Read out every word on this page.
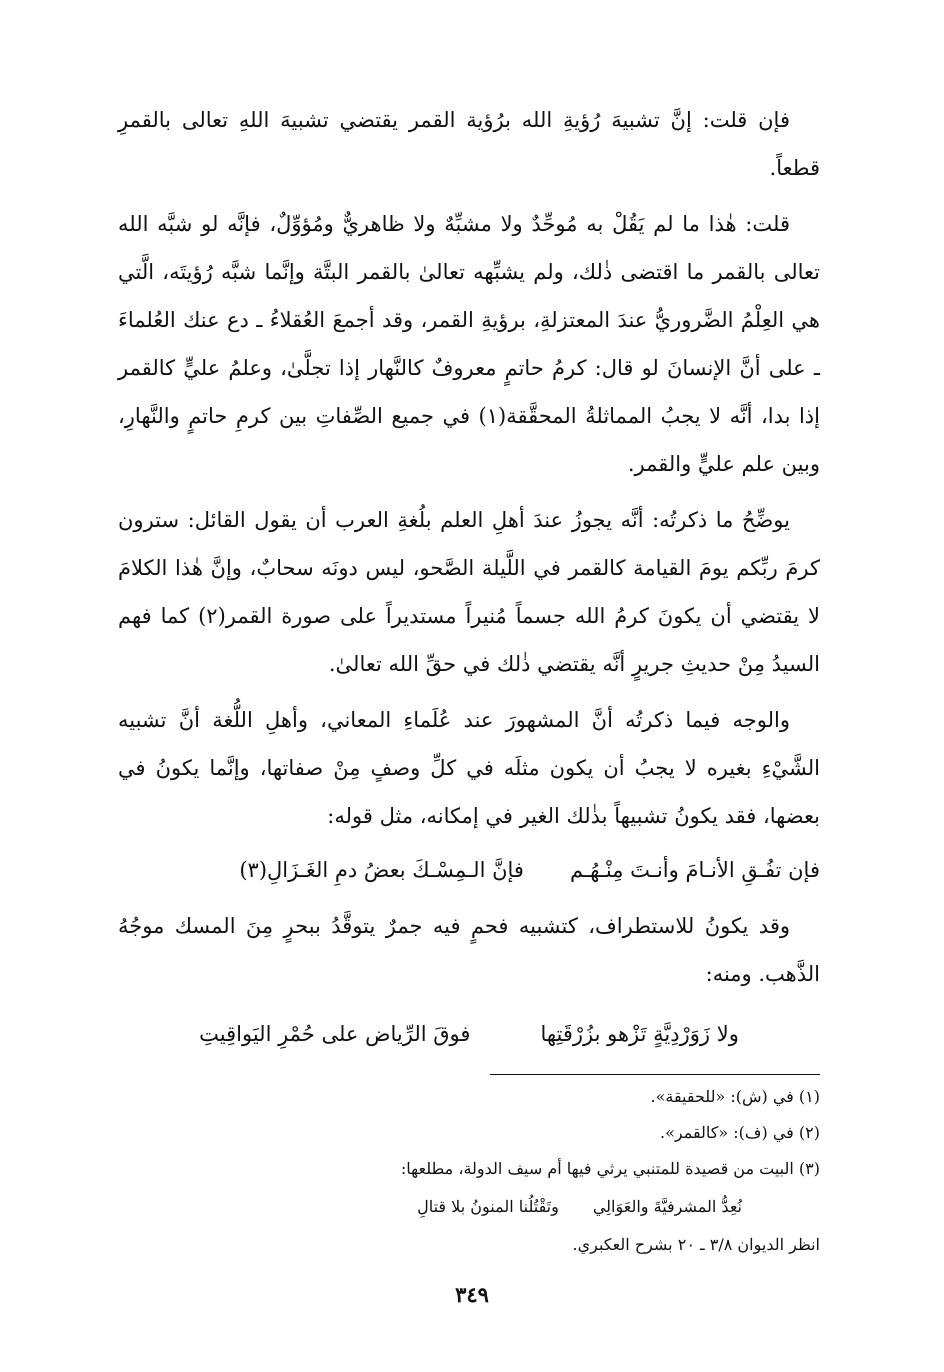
فإن قلت: إنَّ تشبيهَ رُؤيةِ الله برُؤية القمر يقتضي تشبيهَ اللهِ تعالى بالقمرِ قطعاً.

قلت: هٰذا ما لم يَقُلْ به مُوحِّدٌ ولا مشبِّهٌ ولا ظاهريٌّ ومُؤوِّلٌ، فإنَّه لو شبَّه الله تعالى بالقمر ما اقتضى ذٰلك، ولم يشبِّهه تعالىٰ بالقمر البتَّة وإنَّما شبَّه رُؤيتَه، الَّتي هي العِلْمُ الضَّروريُّ عندَ المعتزلةِ، برؤيةِ القمر، وقد أجمعَ العُقلاءُ ـ دع عنك العُلماءَ ـ على أنَّ الإنسانَ لو قال: كرمُ حاتمٍ معروفٌ كالنَّهار إذا تجلَّىٰ، وعلمُ عليٍّ كالقمر إذا بدا، أنَّه لا يجبُ المماثلةُ المحقَّقة(١) في جميع الصِّفاتِ بين كرمِ حاتمٍ والنَّهارِ، وبين علم عليٍّ والقمر.

يوضِّحُ ما ذكرتُه: أنَّه يجوزُ عندَ أهلِ العلم بلُغةِ العرب أن يقول القائل: سترون كرمَ ربِّكم يومَ القيامة كالقمر في اللَّيلة الصَّحو، ليس دونَه سحابٌ، وإنَّ هٰذا الكلامَ لا يقتضي أن يكونَ كرمُ الله جسماً مُنيراً مستديراً على صورة القمر(٢) كما فهم السيدُ مِنْ حديثِ جريرٍ أنَّه يقتضي ذٰلك في حقِّ الله تعالىٰ.

والوجه فيما ذكرتُه أنَّ المشهورَ عند عُلَماءِ المعاني، وأهلِ اللُّغة أنَّ تشبيه الشَّيْءِ بغيره لا يجبُ أن يكون مثلَه في كلِّ وصفٍ مِنْ صفاتها، وإنَّما يكونُ في بعضها، فقد يكونُ تشبيهاً بذٰلك الغير في إمكانه، مثل قوله:

فإن تفُـقِ الأنـامَ وأنـتَ مِنْـهُـم
فإنَّ الـمِسْـكَ بعضُ دمِ الغَـزَالِ(٣)

وقد يكونُ للاستطراف، كتشبيه فحمٍ فيه جمرٌ يتوقَّدُ ببحرٍ مِنَ المسك موجُهُ الذَّهب. ومنه:

ولا زَوَرْدِيَّةٍ تَزْهو بزُرْقَتِها
فوقَ الرِّياض على حُمْرِ اليَواقِيتِ

(١) في (ش): «للحقيقة».

(٢) في (ف): «كالقمر».

(٣) البيت من قصيدة للمتنبي يرثي فيها أم سيف الدولة، مطلعها:

نُعِدُّ المشرفيَّةَ والعَوَالِي
وتَقْتُلُنا المنونُ بلا قتالِ

انظر الديوان ٣/٨ ـ ٢٠ بشرح العكبري.

٣٤٩
